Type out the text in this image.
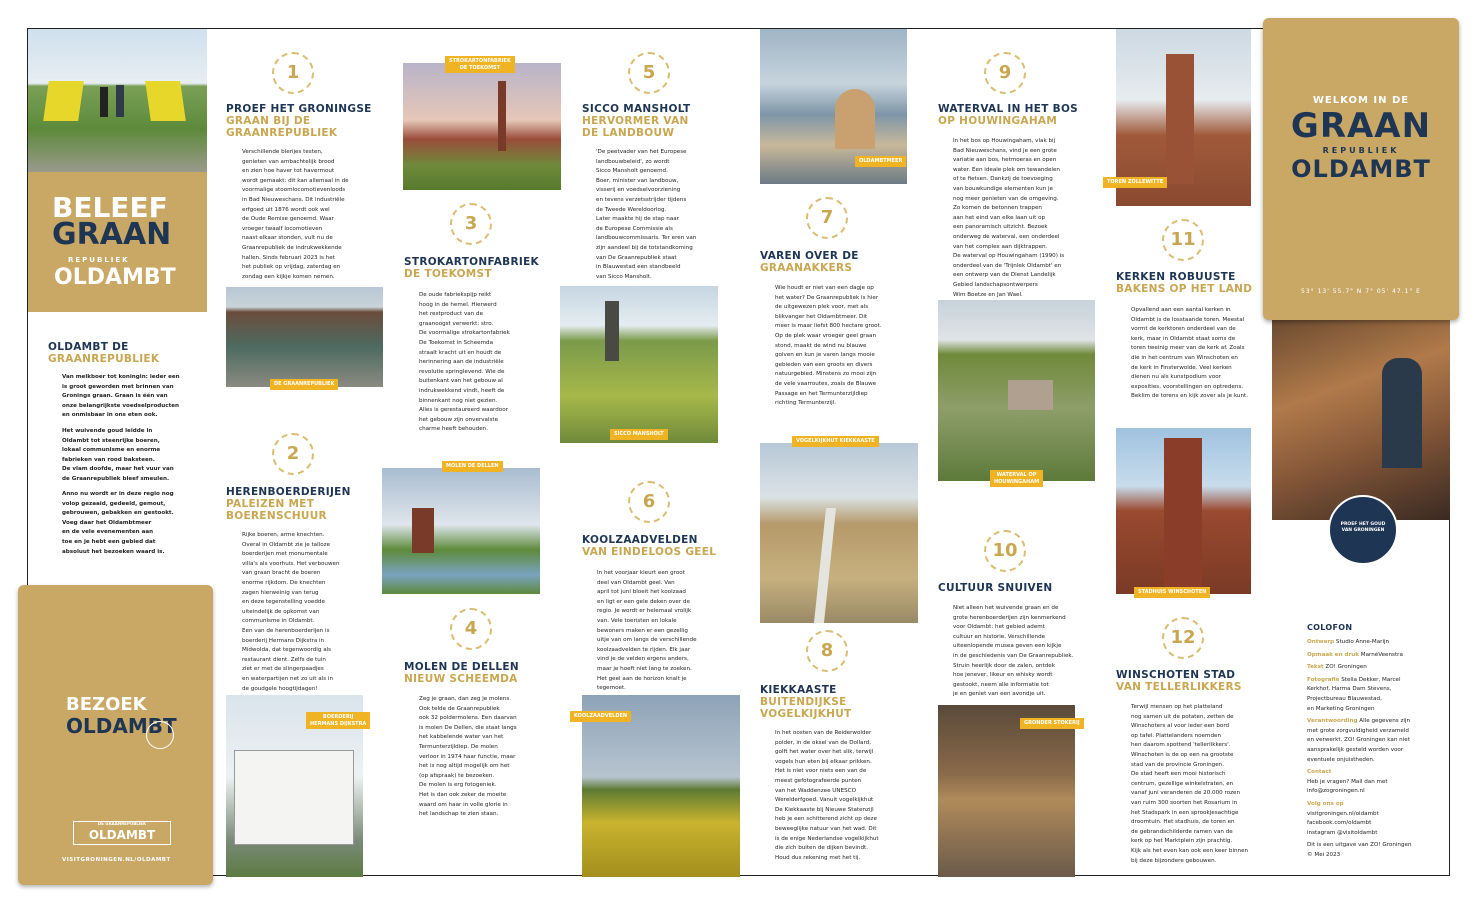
BELEEF
GRAAN
REPUBLIEK
OLDAMBT
OLDAMBT DE
GRAANREPUBLIEK
Van melkboer tot koningin: ieder een
is groot geworden met brinnen van
Gronings graan. Graan is één van
onze belangrijkste voedselproducten
en onmisbaar in ons eten ook.
Het wuivende goud leidde in
Oldambt tot steenrijke boeren,
lokaal communisme en enorme
fabrieken van rood baksteen.
De vlam doofde, maar het vuur van
de Graanrepubliek bleef smeulen.
Anno nu wordt er in deze regio nog
volop gezaaid, gedeeld, gemout,
gebrouwen, gebakken en gestookt.
Voeg daar het Oldambtmeer
en de vele evenementen aan
toe en je hebt een gebied dat
absoluut het bezoeken waard is.
BEZOEK
OLDAMBT
DE GRAANREPUBLIEK
OLDAMBT
VISITGRONINGEN.NL/OLDAMBT
1
PROEF HET GRONINGSE
GRAAN BIJ DE
GRAANREPUBLIEK
Verschillende bierijes testen,
genieten van ambachtelijk brood
en zien hoe haver tot havermout
wordt gemaakt: dit kan allemaal in de
voormalige stoomlocomotievenloods
in Bad Nieuweschans. Dit industriële
erfgoed uit 1876 wordt ook wel
de Oude Remise genoemd. Waar
vroeger twaalf locomotieven
naast elkaar stonden, vult nu de
Graanrepubliek de indrukwekkende
hallen. Sinds februari 2023 is het
het publiek op vrijdag, zaterdag en
zondag een kijkje komen nemen.
DE GRAANREPUBLIEK
2
HERENBOERDERIJEN
PALEIZEN MET
BOERENSCHUUR
Rijke boeren, arme knechten.
Overal in Oldambt zie je talloze
boerderijen met monumentale
villa's als voorhuis. Het verbouwen
van graan bracht de boeren
enorme rijkdom. De knechten
zagen hierweinig van terug
en deze tegenstelling voedde
uiteindelijk de opkomst van
communisme in Oldambt.
Een van de herenboerderijen is
boerderij Hermans Dijkstra in
Midwolda, dat tegenwoordig als
restaurant dient. Zelfs de tuin
ziet er met de slingerpaadjes
en waterpartijen net zo uit als in
de goudgele hoogtijdagen!
BOERDERIJ
HERMANS DIJKSTRA
STROKARTONFABRIEK
DE TOEKOMST
3
STROKARTONFABRIEK
DE TOEKOMST
De oude fabriekspijp reikt
hoog in de hemel. Hierwerd
het restproduct van de
graanoogst verwerkt: stro.
De voormalige strokartonfabriek
De Toekomst in Scheemda
straalt kracht uit en houdt de
herinnering aan de industriële
revolutie springlevend. Wie de
buitenkant van het gebouw al
indrukwekkend vindt, heeft de
binnenkant nog niet gezien.
Alles is gerestaureerd waardoor
het gebouw zijn onvervalste
charme heeft behouden.
MOLEN DE DELLEN
4
MOLEN DE DELLEN
NIEUW SCHEEMDA
Zeg je graan, dan zeg je molens.
Ook telde de Graanrepubliek
ook 32 poldermolens. Een daarvan
is molen De Dellen, die staat langs
het kabbelende water van het
Termunterzijldiep. De molen
verloor in 1974 haar functie, maar
het is nog altijd mogelijk om het
(op afspraak) te bezoeken.
De molen is erg fotogeniek.
Het is dan ook zeker de moeite
waard om haar in volle glorie in
het landschap te zien staan.
5
SICCO MANSHOLT
HERVORMER VAN
DE LANDBOUW
'De peetvader van het Europese
landbouwbeleid', zo wordt
Sicco Mansholt genoemd.
Boer, minister van landbouw,
visserij en voedselvoorziening
en tevens verzetsstrijder tijdens
de Tweede Wereldoorlog.
Later maakte hij de stap naar
de Europese Commissie als
landbouwcommissaris. Ter eren van
zijn aandeel bij de totstandkoming
van De Graanrepubliek staat
in Blauwestad een standbeeld
van Sicco Mansholt.
SICCO MANSHOLT
6
KOOLZAADVELDEN
VAN EINDELOOS GEEL
In het voorjaar kleurt een groot
deel van Oldambt geel. Van
april tot juni bloeit het koolzaad
en ligt er een gele deken over de
regio. Je wordt er helemaal vrolijk
van. Vele toeristen en lokale
bewoners maken er een gezellig
uitje van om langs de verschillende
koolzaadvelden te rijden. Elk jaar
vind je de velden ergens anders,
maar je hoeft niet lang te zoeken.
Het geel aan de horizon knalt je
tegemoet.
KOOLZAADVELDEN
OLDAMBTMEER
7
VAREN OVER DE
GRAANAKKERS
Wie houdt er niet van een dagje op
het water? De Graanrepubliek is hier
de uitgewezen plek voor, met als
blikvanger het Oldambtmeer. Dit
meer is maar liefst 800 hectare groot.
Op de plek waar vroeger geel graan
stond, maakt de wind nu blauwe
golven en kun je varen langs mooie
gebieden van een groots en divers
natuurgebied. Minstens zo mooi zijn
de vele vaarroutes, zoals de Blauwe
Passage en het Termunterzijldiep
richting Termunterzijl.
VOGELKIJKHUT KIEKKAASTE
8
KIEKKAASTE
BUITENDIJKSE
VOGELKIJKHUT
In het oosten van de Reiderwolder
polder, in de oksel van de Dollard,
golft het water over het slik, terwijl
vogels hun eten bij elkaar prikken.
Het is niet voor niets een van de
meest gefotografeerde punten
van het Waddenzee UNESCO
Werelderfgoed. Vanuit vogelkijkhut
De Kiekkaaste bij Nieuwe Statenzijl
heb je een schitterend zicht op deze
beweeglijke natuur van het wad. Dit
is de enige Nederlandse vogelkijkhut
die zich buiten de dijken bevindt.
Houd dus rekening met het tij.
9
WATERVAL IN HET BOS
OP HOUWINGAHAM
In het bos op Houwingaham, vlak bij
Bad Nieuweschans, vind je een grote
variatie aan bos, hetmoeras en open
water. Een ideale plek om tewandelen
of te fietsen. Dankzij de toevoeging
van bouwkundige elementen kun je
nog meer genieten van de omgeving.
Zo komen de betonnen trappen
aan het eind van elke laan uit op
een panoramisch uitzicht. Bezoek
onderweg de waterval, een onderdeel
van het complex aan dijktrappen.
De waterval op Houwingaham (1990) is
onderdeel van de 'Trijnlek Oldambt' en
een ontwerp van de Dienst Landelijk
Gebied landschapsontwerpers
Wim Boetze en Jan Wael.
WATERVAL OP
HOUWINGAHAM
10
CULTUUR SNUIVEN
Niet alleen het wuivende graan en de
grote herenboerderijen zijn kenmerkend
voor Oldambt: het gebied ademt
cultuur en historie. Verschillende
uiteenlopende musea geven een kijkje
in de geschiedenis van De Graanrepubliek.
Struin heerlijk door de zalen, ontdek
hoe jenever, likeur en whisky wordt
gestookt, neem alle informatie tot
je en geniet van een avondje uit.
GRONDER STOKERIJ
TOREN ZOLLEWITTE
11
KERKEN ROBUUSTE
BAKENS OP HET LAND
Opvallend aan een aantal kerken in
Oldambt is de losstaande toren. Meestal
vormt de kerktoren onderdeel van de
kerk, maar in Oldambt staat soms de
toren tweinig meer van de kerk af. Zoals
die in het centrum van Winschoten en
de kerk in Finsterwolde. Veel kerken
dienen nu als kunstpodium voor
exposities, voorstellingen en optredens.
Beklim de torens en kijk zover als je kunt.
STADHUIS WINSCHOTEN
12
WINSCHOTEN STAD
VAN TELLERLIKKERS
Terwijl mensen op het platteland
nog samen uit de potaten, zetten de
Winschoters al voor ieder een bord
op tafel. Plattelanders noemden
hen daarom spottend 'tellerlikkers'.
Winschoten is de op een na grootste
stad van de provincie Groningen.
De stad heeft een mooi historisch
centrum, gezellige winkelstraten, en
vanaf juni veranderen de 20.000 rozen
van ruim 300 soorten het Rosarium in
het Stadspark in een sprookjesachtige
droomtuin. Het stadhuis, de toren en
de gebrandschilderde ramen van de
kerk op het Marktplein zijn prachtig.
Kijk als het even kan ook een keer binnen
bij deze bijzondere gebouwen.
PROEF HET GOUD VAN GRONINGEN
WELKOM IN DE
GRAAN
REPUBLIEK
OLDAMBT
53° 13' 55.7" N 7° 05' 47.1" E
COLOFON
Ontwerp Studio Anne-Marijn
Opmaak en druk MarnéVeenstra
Tekst ZO! Groningen
Fotografie Stella Dekker, Marcel
Kerkhof, Harma Dam Stevens,
Projectbureau Blauwestad,
en Marketing Groningen
Verantwoording Alle gegevens zijn
met grote zorgvuldigheid verzameld
en verwerkt. ZO! Groningen kan niet
aansprakelijk gesteld worden voor
eventuele onjuistheden.
Contact
Heb je vragen? Mail dan met
info@zogroningen.nl
Volg ons op
visitgroningen.nl/oldambt
facebook.com/oldambt
instagram @visitoldambt
Dit is een uitgave van ZO! Groningen
© Mei 2023
